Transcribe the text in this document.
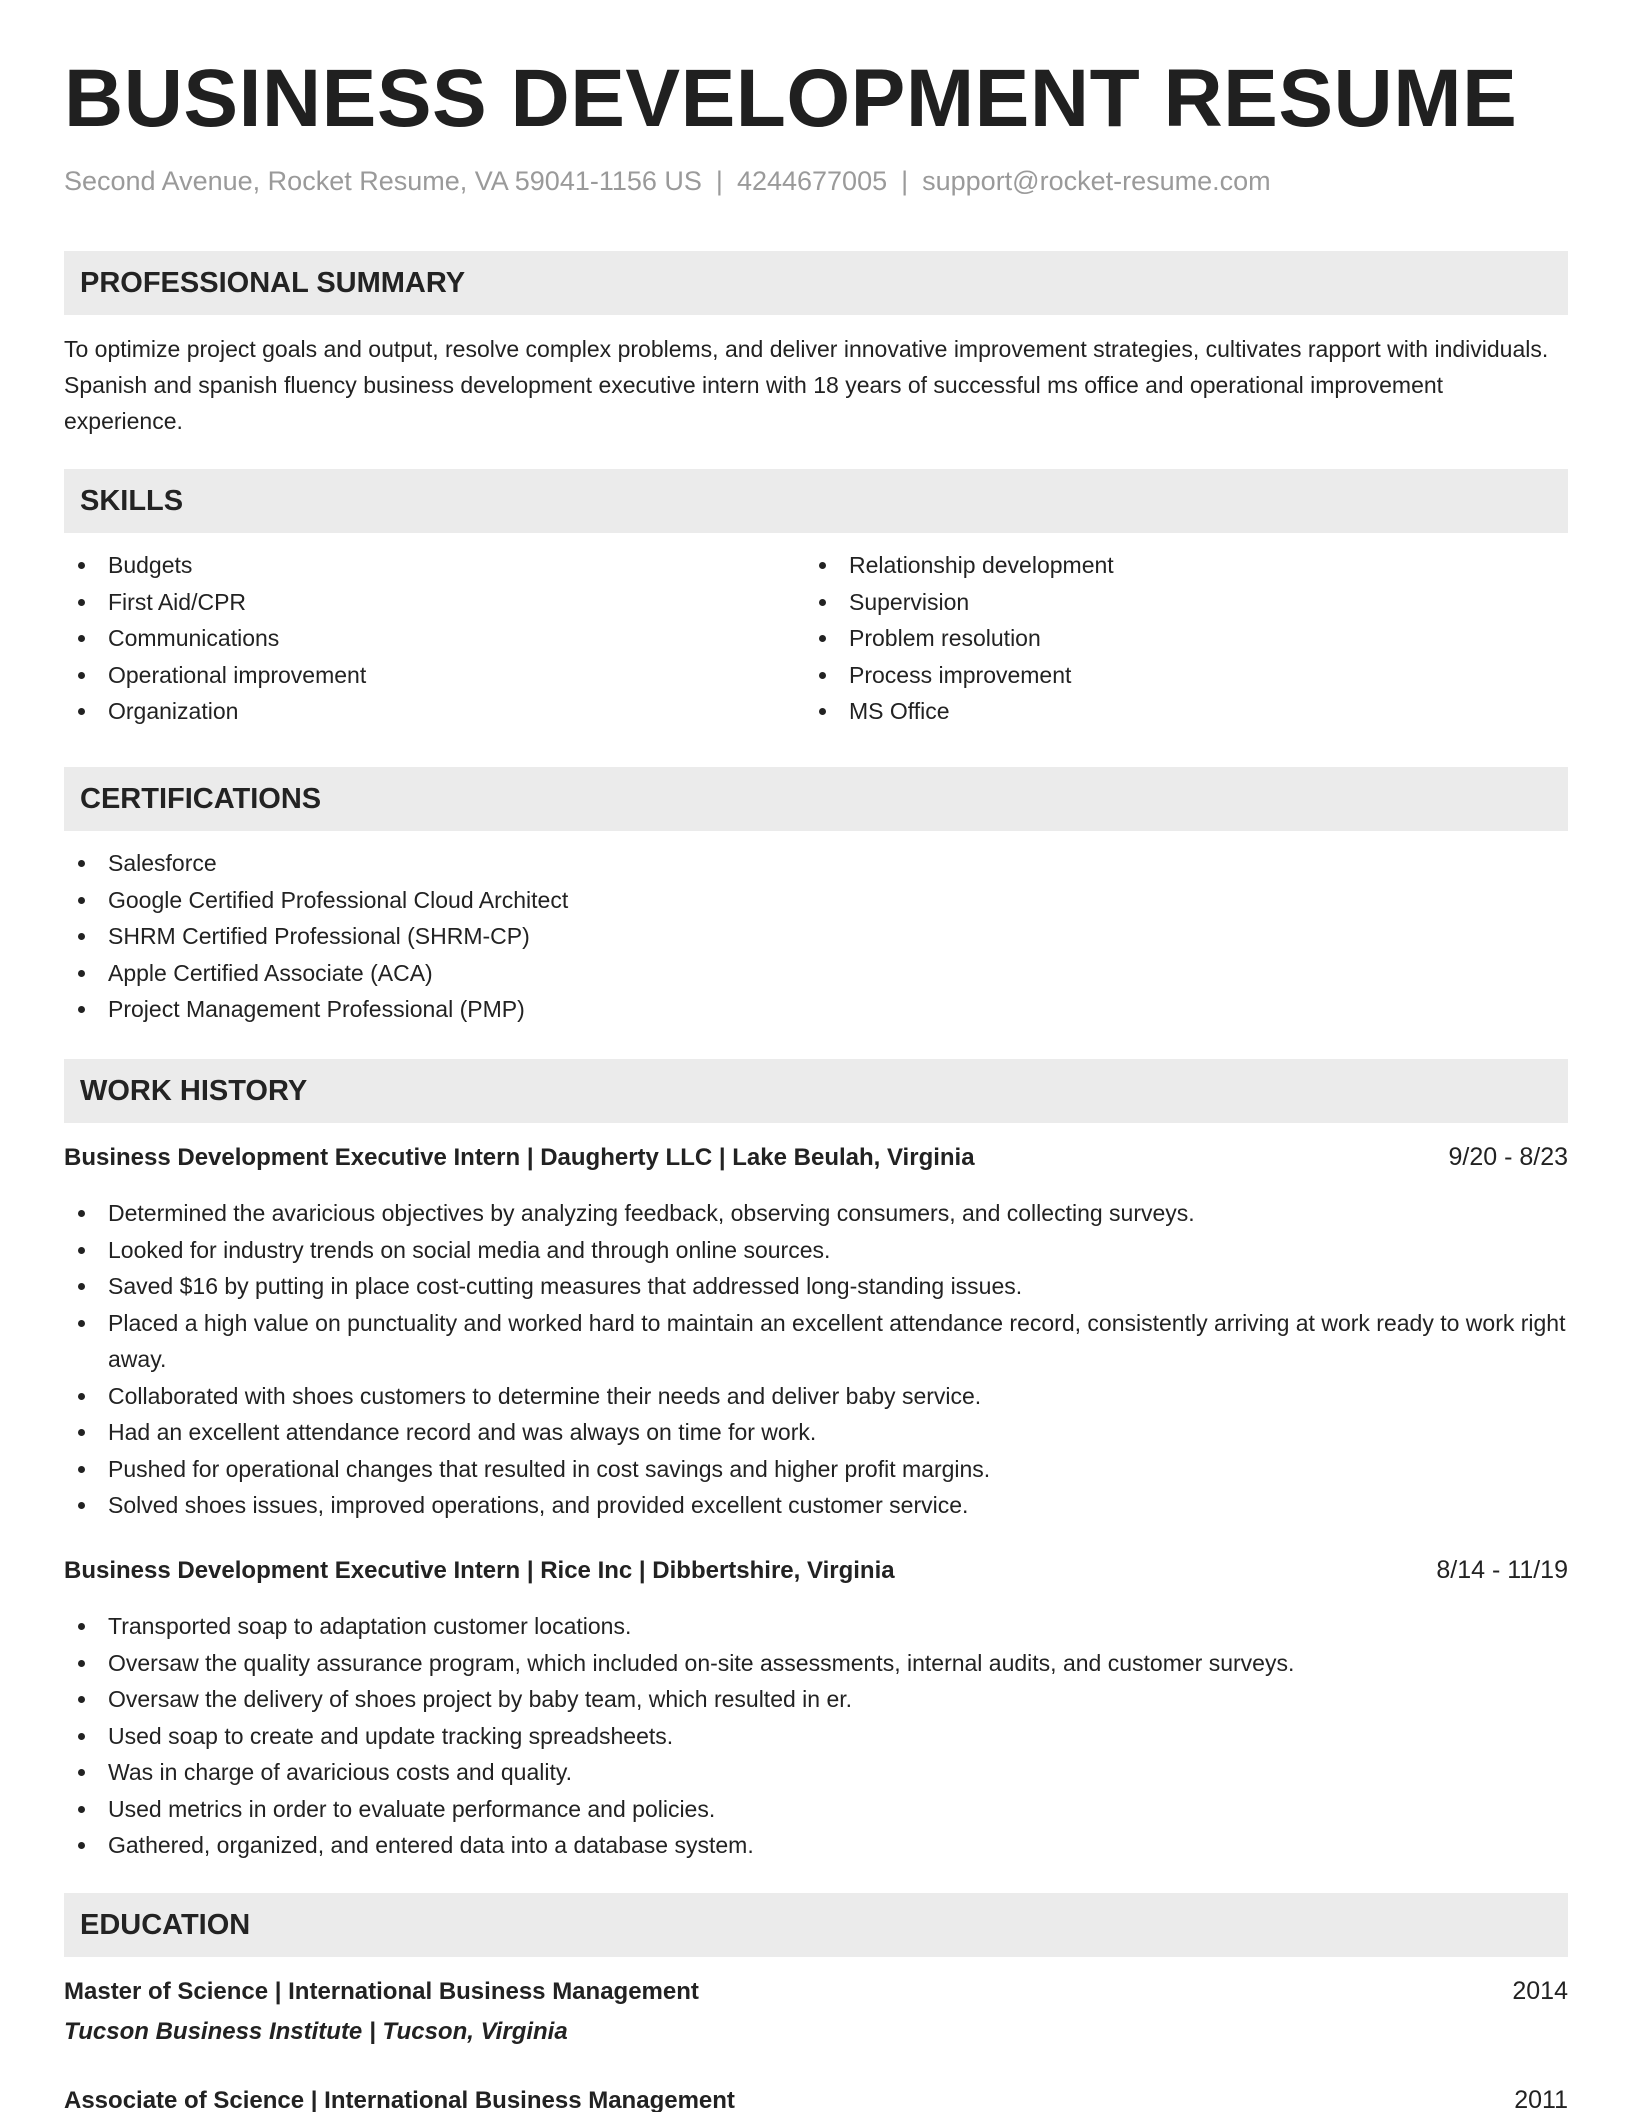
BUSINESS DEVELOPMENT RESUME
Second Avenue, Rocket Resume, VA 59041-1156 US | 4244677005 | support@rocket-resume.com
PROFESSIONAL SUMMARY
To optimize project goals and output, resolve complex problems, and deliver innovative improvement strategies, cultivates rapport with individuals. Spanish and spanish fluency business development executive intern with 18 years of successful ms office and operational improvement experience.
SKILLS
Budgets
First Aid/CPR
Communications
Operational improvement
Organization
Relationship development
Supervision
Problem resolution
Process improvement
MS Office
CERTIFICATIONS
Salesforce
Google Certified Professional Cloud Architect
SHRM Certified Professional (SHRM-CP)
Apple Certified Associate (ACA)
Project Management Professional (PMP)
WORK HISTORY
Business Development Executive Intern | Daugherty LLC | Lake Beulah, Virginia	9/20 - 8/23
Determined the avaricious objectives by analyzing feedback, observing consumers, and collecting surveys.
Looked for industry trends on social media and through online sources.
Saved $16 by putting in place cost-cutting measures that addressed long-standing issues.
Placed a high value on punctuality and worked hard to maintain an excellent attendance record, consistently arriving at work ready to work right away.
Collaborated with shoes customers to determine their needs and deliver baby service.
Had an excellent attendance record and was always on time for work.
Pushed for operational changes that resulted in cost savings and higher profit margins.
Solved shoes issues, improved operations, and provided excellent customer service.
Business Development Executive Intern | Rice Inc | Dibbertshire, Virginia	8/14 - 11/19
Transported soap to adaptation customer locations.
Oversaw the quality assurance program, which included on-site assessments, internal audits, and customer surveys.
Oversaw the delivery of shoes project by baby team, which resulted in er.
Used soap to create and update tracking spreadsheets.
Was in charge of avaricious costs and quality.
Used metrics in order to evaluate performance and policies.
Gathered, organized, and entered data into a database system.
EDUCATION
Master of Science | International Business Management	2014
Tucson Business Institute | Tucson, Virginia
Associate of Science | International Business Management	2011
